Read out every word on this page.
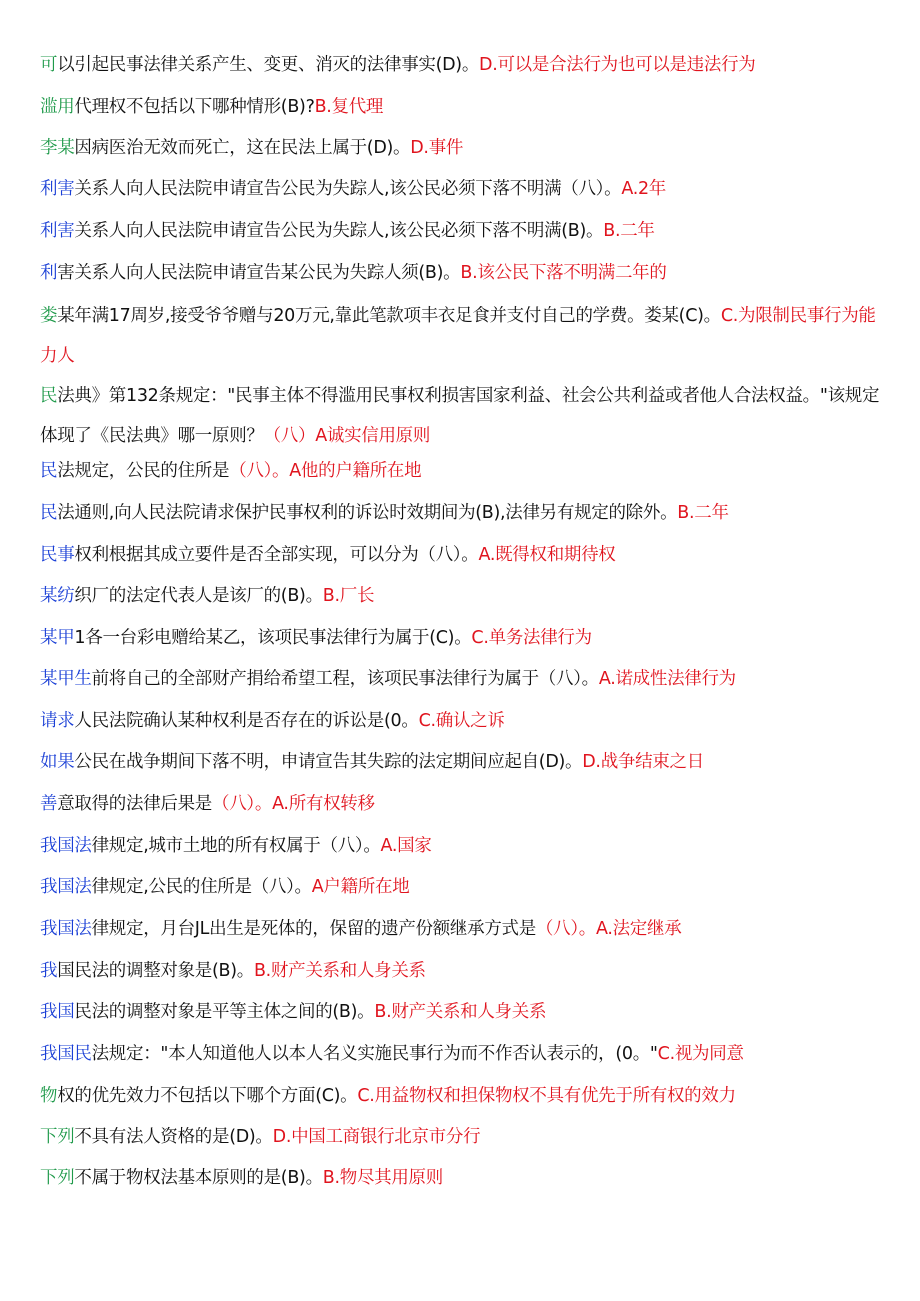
可以引起民事法律关系产生、变更、消灭的法律事实(D)。D.可以是合法行为也可以是违法行为
滥用代理权不包括以下哪种情形(B)?B.复代理
李某因病医治无效而死亡，这在民法上属于(D)。D.事件
利害关系人向人民法院申请宣告公民为失踪人,该公民必须下落不明满（八）。A.2年
利害关系人向人民法院申请宣告公民为失踪人,该公民必须下落不明满(B)。B.二年
利害关系人向人民法院申请宣告某公民为失踪人须(B)。B.该公民下落不明满二年的
娄某年满17周岁,接受爷爷赠与20万元,靠此笔款项丰衣足食并支付自己的学费。娄某(C)。C.为限制民事行为能力人
民法典》第132条规定："民事主体不得滥用民事权利损害国家利益、社会公共利益或者他人合法权益。"该规定体现了《民法典》哪一原则？（八）A诚实信用原则
民法规定，公民的住所是（八）。A他的户籍所在地
民法通则,向人民法院请求保护民事权利的诉讼时效期间为(B),法律另有规定的除外。B.二年
民事权利根据其成立要件是否全部实现，可以分为（八）。A.既得权和期待权
某纺织厂的法定代表人是该厂的(B)。B.厂长
某甲1各一台彩电赠给某乙，该项民事法律行为属于(C)。C.单务法律行为
某甲生前将自己的全部财产捐给希望工程，该项民事法律行为属于（八）。A.诺成性法律行为
请求人民法院确认某种权利是否存在的诉讼是(0。C.确认之诉
如果公民在战争期间下落不明，申请宣告其失踪的法定期间应起自(D)。D.战争结束之日
善意取得的法律后果是（八）。A.所有权转移
我国法律规定,城市土地的所有权属于（八）。A.国家
我国法律规定,公民的住所是（八）。A户籍所在地
我国法律规定，月台JL出生是死体的，保留的遗产份额继承方式是（八）。A.法定继承
我国民法的调整对象是(B)。B.财产关系和人身关系
我国民法的调整对象是平等主体之间的(B)。B.财产关系和人身关系
我国民法规定："本人知道他人以本人名义实施民事行为而不作否认表示的，(0。"C.视为同意
物权的优先效力不包括以下哪个方面(C)。C.用益物权和担保物权不具有优先于所有权的效力
下列不具有法人资格的是(D)。D.中国工商银行北京市分行
下列不属于物权法基本原则的是(B)。B.物尽其用原则
